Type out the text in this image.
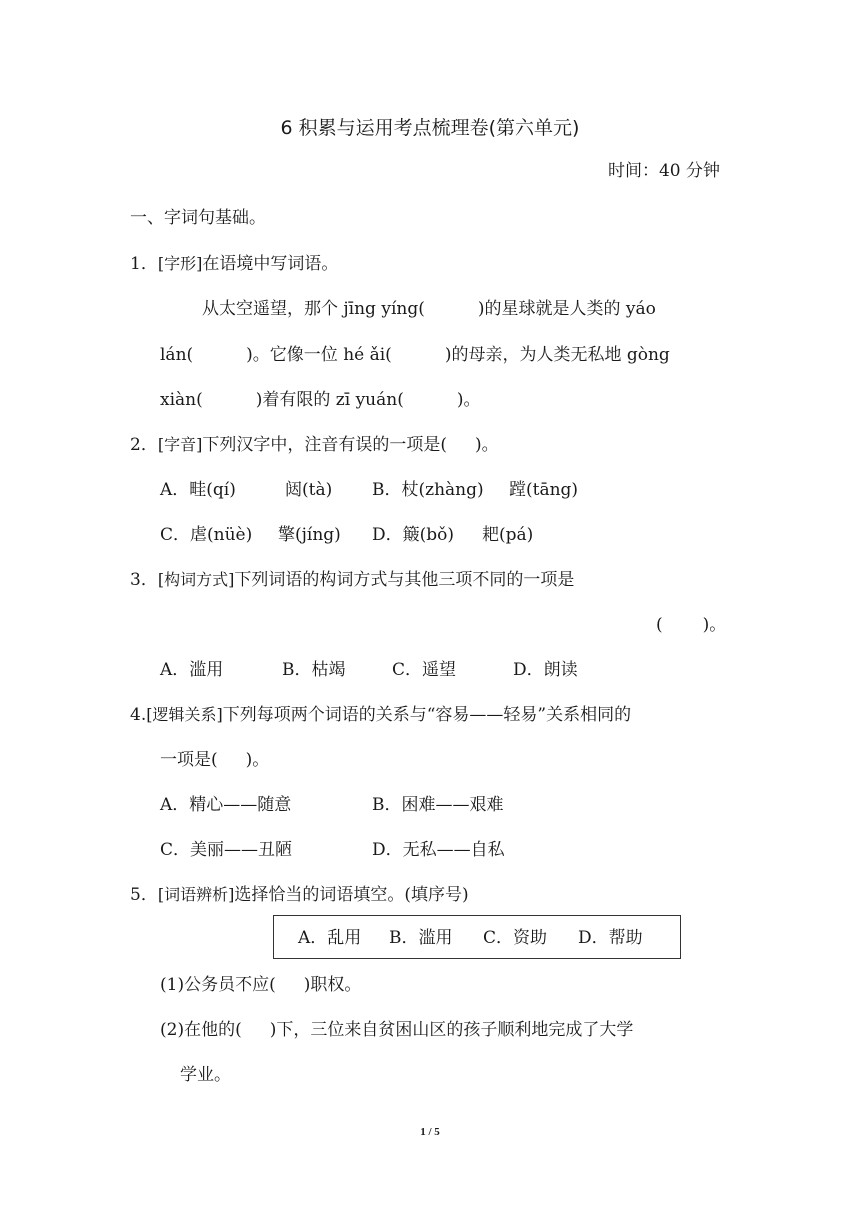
6 积累与运用考点梳理卷(第六单元)
时间：40 分钟
一、字词句基础。
1．[字形]在语境中写词语。
从太空遥望，那个 jīng yíng(	)的星球就是人类的 yáo
lán(	)。它像一位 hé ǎi(	)的母亲，为人类无私地 gòng
xiàn(	)着有限的 zī yuán(	)。
2．[字音]下列汉字中，注音有误的一项是( )。
A．畦(qí)	闼(tà) B．杖(zhàng) 蹚(tāng)
C．虐(nüè) 擎(jíng) D．簸(bǒ) 耙(pá)
3．[构词方式]下列词语的构词方式与其他三项不同的一项是
( )。
A．滥用	B．枯竭	C．遥望	D．朗读
4.[逻辑关系]下列每项两个词语的关系与“容易——轻易”关系相同的
一项是( )。
A．精心——随意	B．困难——艰难
C．美丽——丑陋	D．无私——自私
5．[词语辨析]选择恰当的词语填空。(填序号)
A．乱用 B．滥用 C．资助 D．帮助
(1)公务员不应( )职权。
(2)在他的( )下，三位来自贫困山区的孩子顺利地完成了大学
学业。
1 / 5
